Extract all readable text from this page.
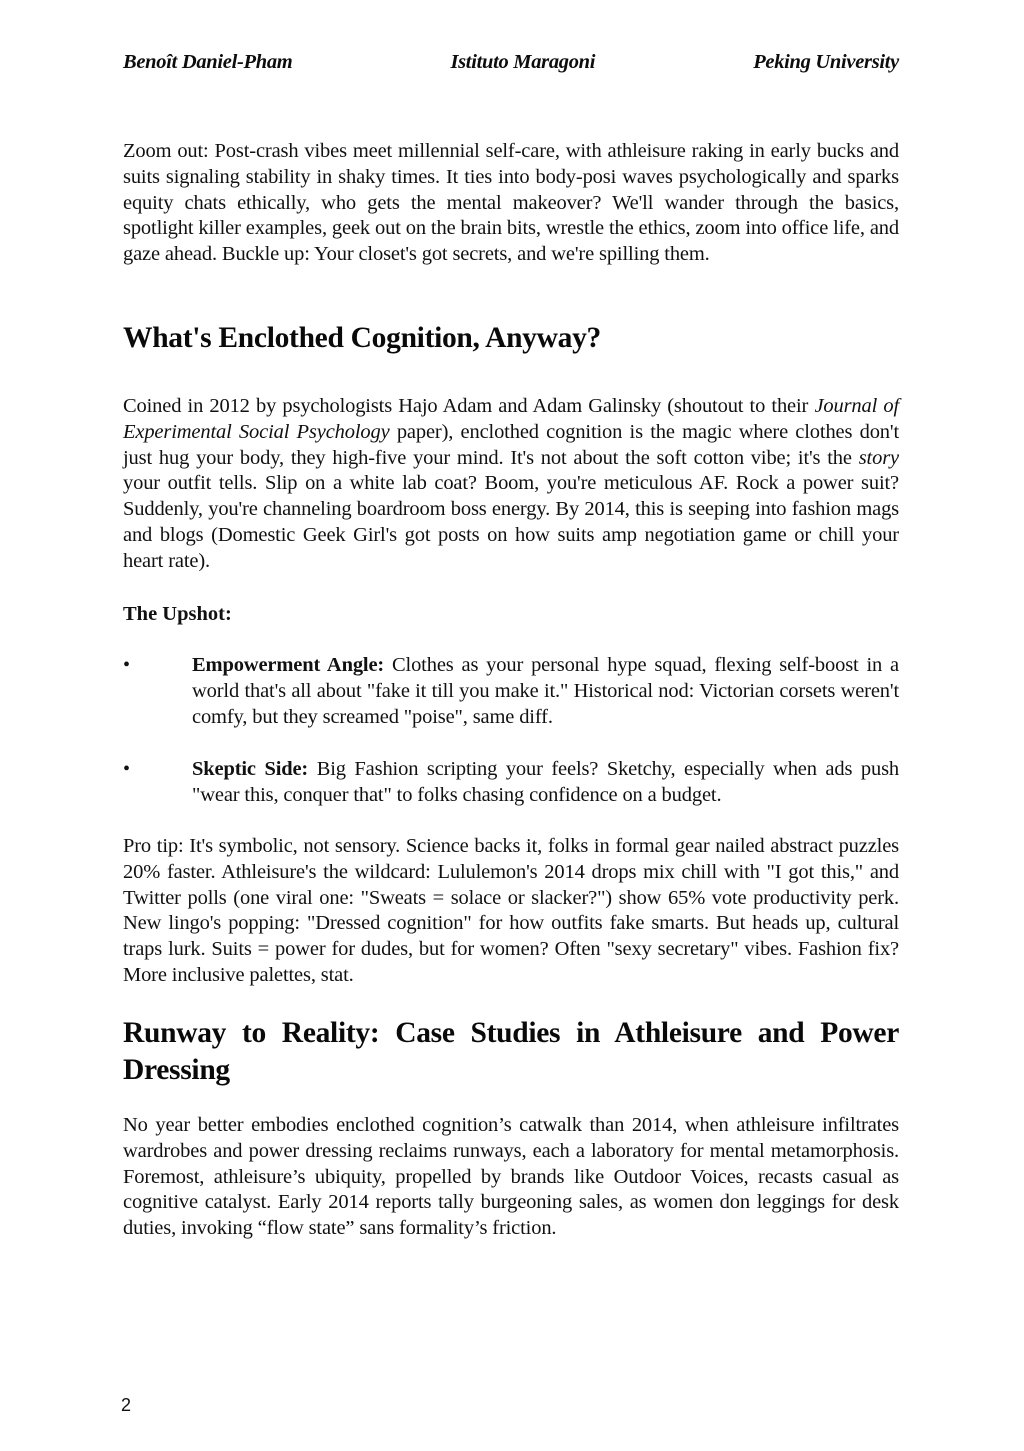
Benoît Daniel-Pham	Istituto Maragoni	Peking University

Zoom out: Post-crash vibes meet millennial self-care, with athleisure raking in early bucks and suits signaling stability in shaky times. It ties into body-posi waves psychologically and sparks equity chats ethically, who gets the mental makeover? We'll wander through the basics, spotlight killer examples, geek out on the brain bits, wrestle the ethics, zoom into office life, and gaze ahead. Buckle up: Your closet's got secrets, and we're spilling them.

What's Enclothed Cognition, Anyway?

Coined in 2012 by psychologists Hajo Adam and Adam Galinsky (shoutout to their Journal of Experimental Social Psychology paper), enclothed cognition is the magic where clothes don't just hug your body, they high-five your mind. It's not about the soft cotton vibe; it's the story your outfit tells. Slip on a white lab coat? Boom, you're meticulous AF. Rock a power suit? Suddenly, you're channeling boardroom boss energy. By 2014, this is seeping into fashion mags and blogs (Domestic Geek Girl's got posts on how suits amp negotiation game or chill your heart rate).

The Upshot:
•	Empowerment Angle: Clothes as your personal hype squad, flexing self-boost in a world that's all about "fake it till you make it." Historical nod: Victorian corsets weren't comfy, but they screamed "poise", same diff.

•	Skeptic Side: Big Fashion scripting your feels? Sketchy, especially when ads push "wear this, conquer that" to folks chasing confidence on a budget.

Pro tip: It's symbolic, not sensory. Science backs it, folks in formal gear nailed abstract puzzles 20% faster. Athleisure's the wildcard: Lululemon's 2014 drops mix chill with "I got this," and Twitter polls (one viral one: "Sweats = solace or slacker?") show 65% vote productivity perk. New lingo's popping: "Dressed cognition" for how outfits fake smarts. But heads up, cultural traps lurk. Suits = power for dudes, but for women? Often "sexy secretary" vibes. Fashion fix? More inclusive palettes, stat.

Runway to Reality: Case Studies in Athleisure and Power Dressing

No year better embodies enclothed cognition’s catwalk than 2014, when athleisure infiltrates wardrobes and power dressing reclaims runways, each a laboratory for mental metamorphosis. Foremost, athleisure’s ubiquity, propelled by brands like Outdoor Voices, recasts casual as cognitive catalyst. Early 2014 reports tally burgeoning sales, as women don leggings for desk duties, invoking “flow state” sans formality’s friction.

2
